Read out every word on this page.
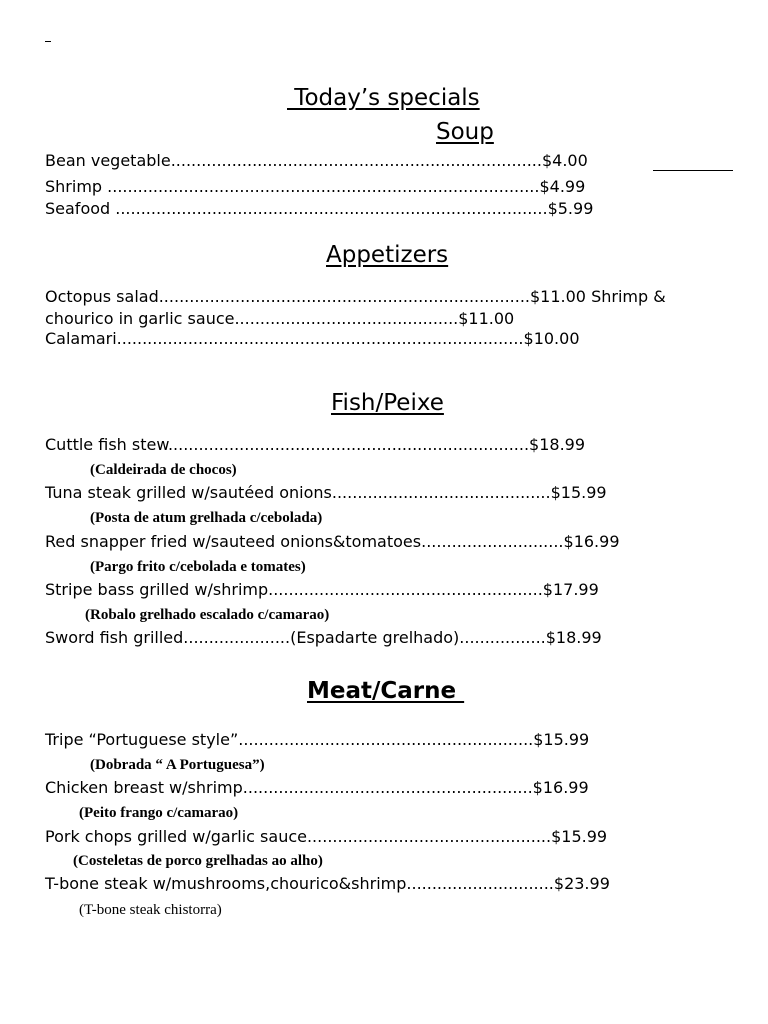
Today’s specials
Soup
Bean vegetable.........................................................................$4.00
Shrimp .....................................................................................$4.99
Seafood .....................................................................................$5.99
Appetizers
Octopus salad.........................................................................$11.00 Shrimp &
chourico in garlic sauce............................................$11.00
Calamari................................................................................$10.00
Fish/Peixe
Cuttle fish stew.......................................................................$18.99
(Caldeirada de chocos)
Tuna steak grilled w/sautéed onions...........................................$15.99
(Posta de atum grelhada c/cebolada)
Red snapper fried w/sauteed onions&tomatoes............................$16.99
(Pargo frito c/cebolada e tomates)
Stripe bass grilled w/shrimp......................................................$17.99
(Robalo grelhado escalado c/camarao)
Sword fish grilled.....................(Espadarte grelhado).................$18.99
Meat/Carne
Tripe “Portuguese style”..........................................................$15.99
(Dobrada “ A Portuguesa”)
Chicken breast w/shrimp.........................................................$16.99
(Peito frango c/camarao)
Pork chops grilled w/garlic sauce................................................$15.99
(Costeletas de porco grelhadas ao alho)
T-bone steak w/mushrooms,chourico&shrimp.............................$23.99
(T-bone steak chistorra)
